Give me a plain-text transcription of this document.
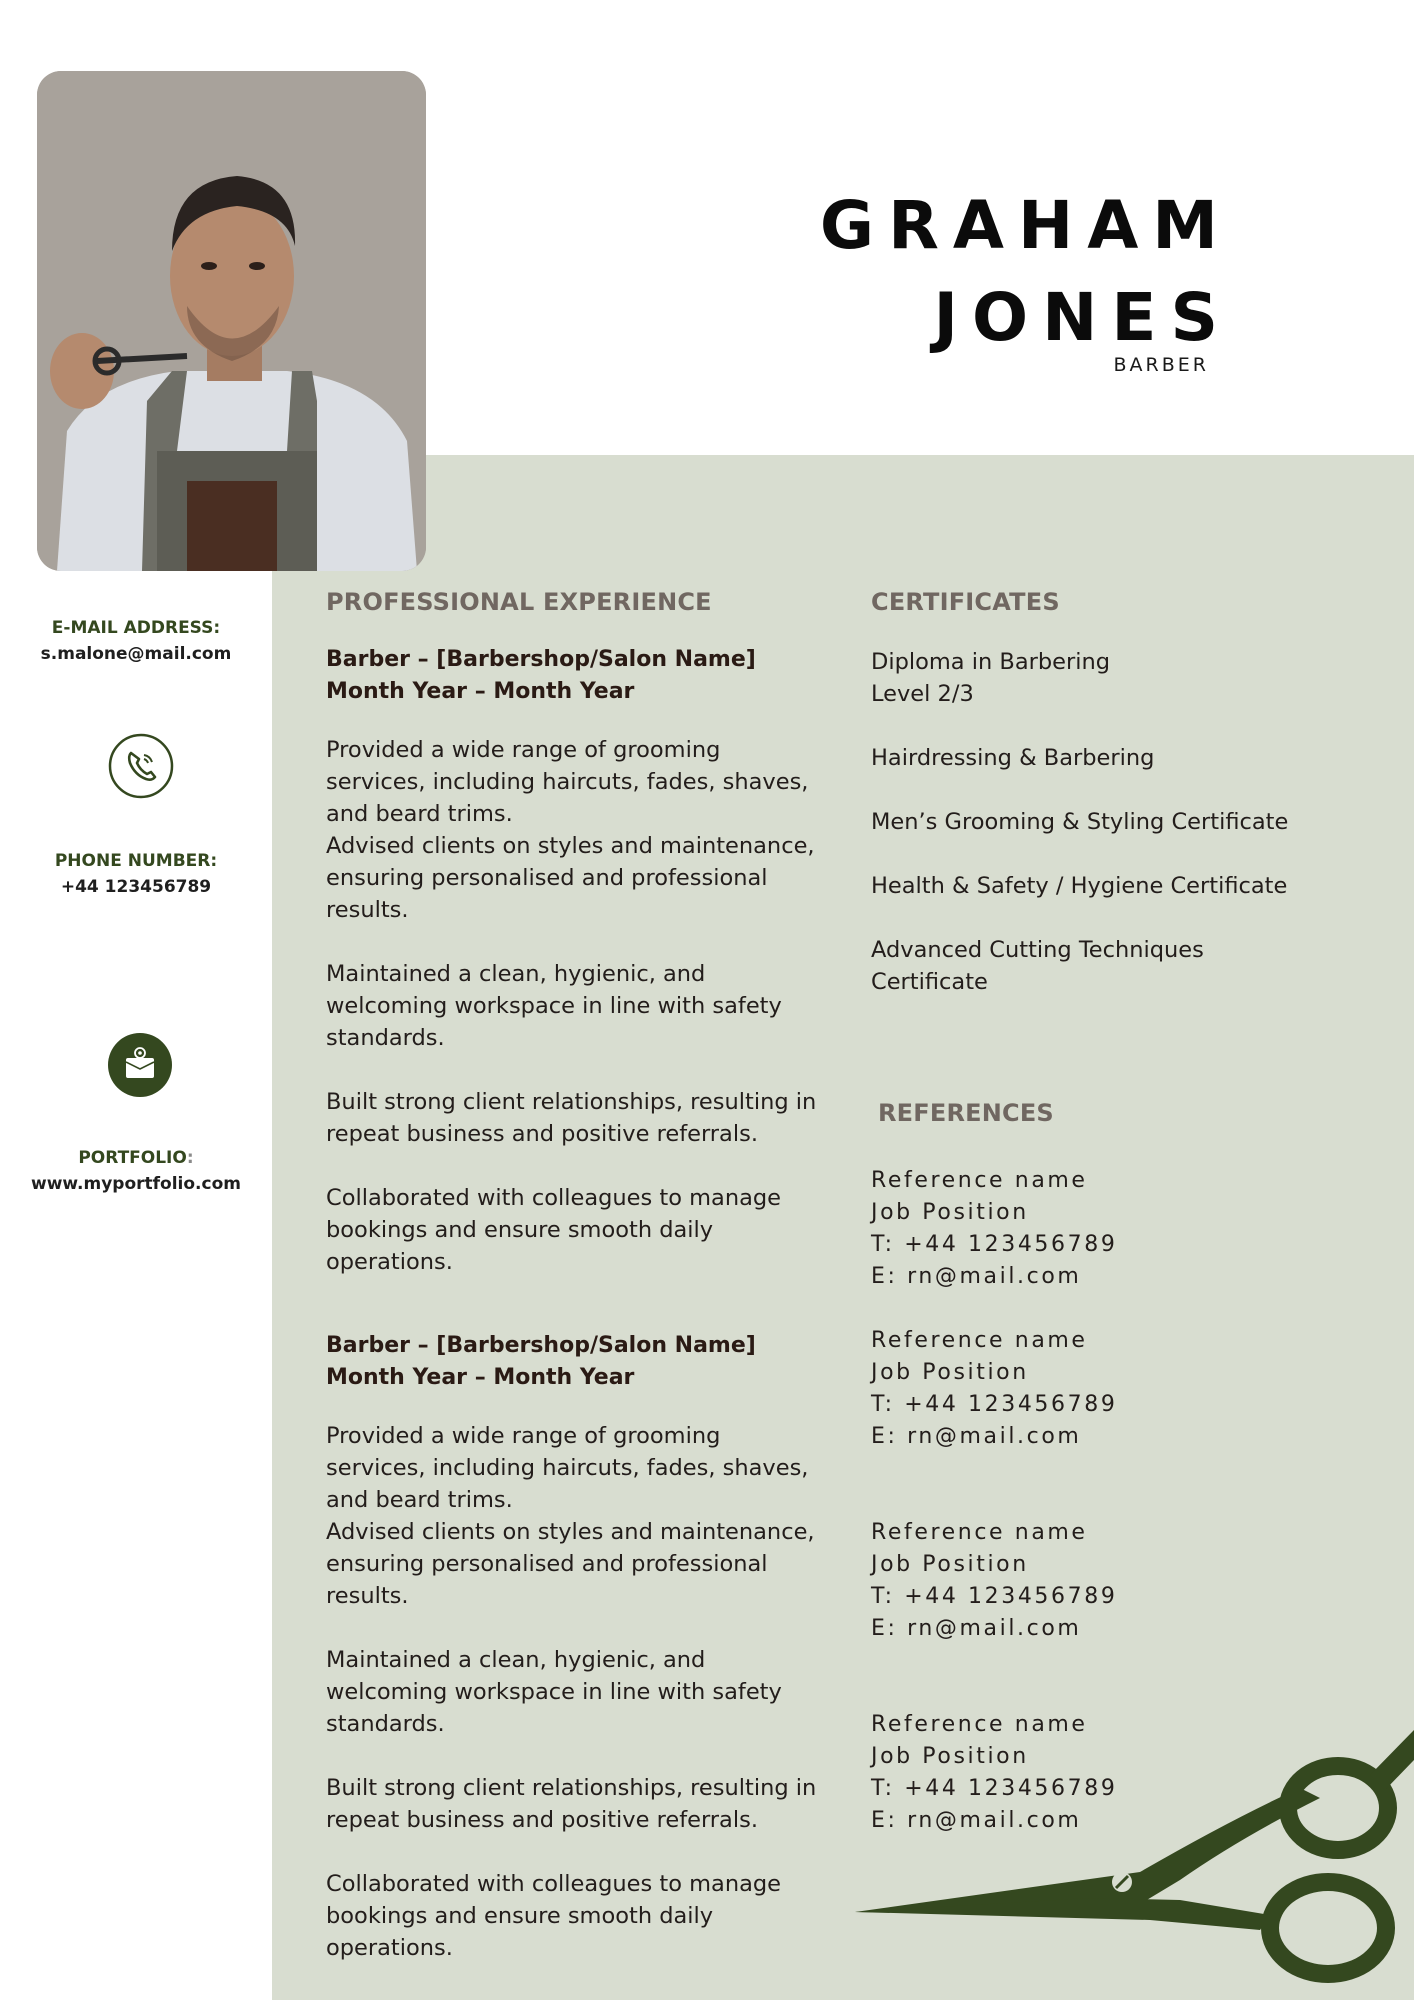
GRAHAM
JONES
BARBER
E-MAIL ADDRESS:
s.malone@mail.com
PHONE NUMBER:
+44 123456789
PORTFOLIO:
www.myportfolio.com
PROFESSIONAL EXPERIENCE
Barber – [Barbershop/Salon Name]
Month Year – Month Year
Provided a wide range of grooming services, including haircuts, fades, shaves, and beard trims.
Advised clients on styles and maintenance, ensuring personalised and professional results.
Maintained a clean, hygienic, and welcoming workspace in line with safety standards.
Built strong client relationships, resulting in repeat business and positive referrals.
Collaborated with colleagues to manage bookings and ensure smooth daily operations.
Barber – [Barbershop/Salon Name]
Month Year – Month Year
Provided a wide range of grooming services, including haircuts, fades, shaves, and beard trims.
Advised clients on styles and maintenance, ensuring personalised and professional results.
Maintained a clean, hygienic, and welcoming workspace in line with safety standards.
Built strong client relationships, resulting in repeat business and positive referrals.
Collaborated with colleagues to manage bookings and ensure smooth daily operations.
CERTIFICATES
Diploma in Barbering
Level 2/3
Hairdressing & Barbering
Men’s Grooming & Styling Certificate
Health & Safety / Hygiene Certificate
Advanced Cutting Techniques
Certificate
REFERENCES
Reference name
Job Position
T: +44 123456789
E: rn@mail.com
Reference name
Job Position
T: +44 123456789
E: rn@mail.com
Reference name
Job Position
T: +44 123456789
E: rn@mail.com
Reference name
Job Position
T: +44 123456789
E: rn@mail.com
